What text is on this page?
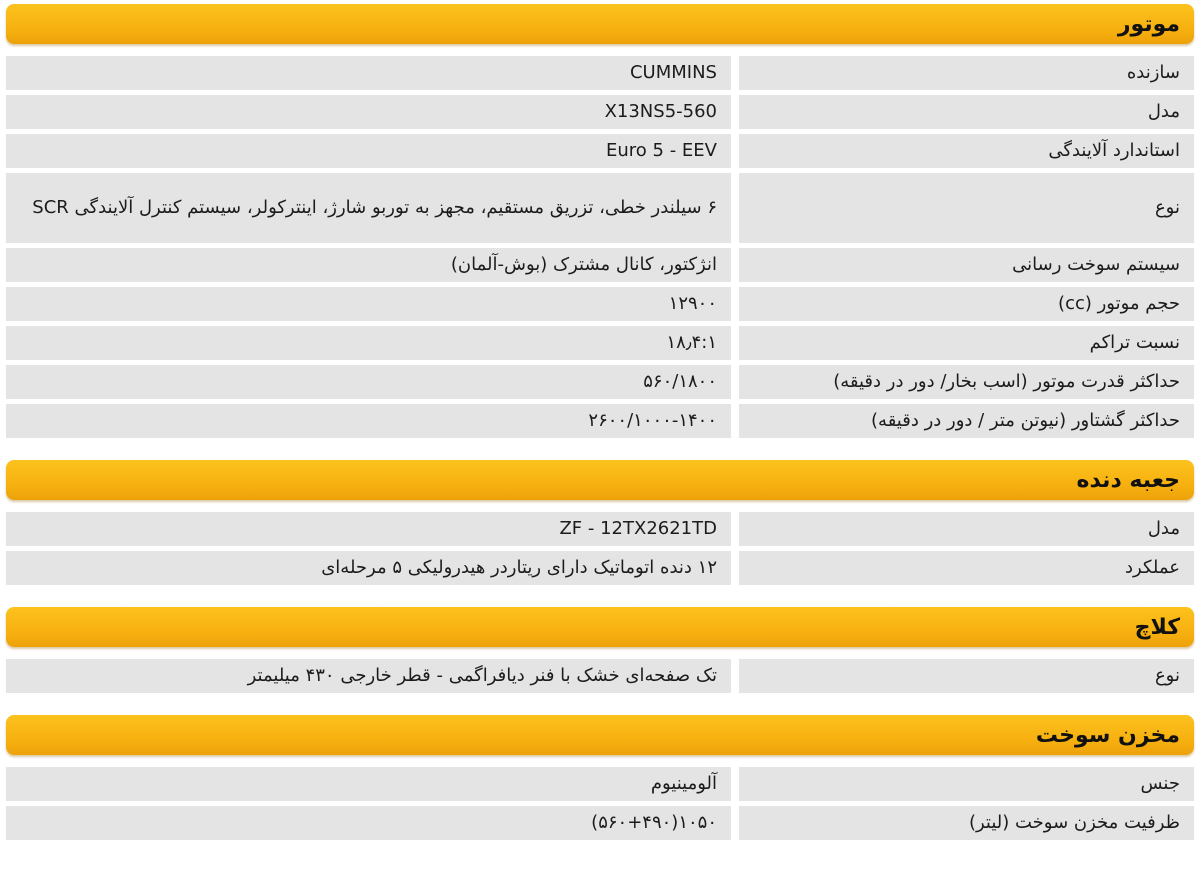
موتور
سازنده
CUMMINS
مدل
X13NS5-560
استاندارد آلایندگی
Euro 5 - EEV
نوع
۶ سیلندر خطی، تزریق مستقیم، مجهز به توربو شارژ، اینترکولر، سیستم کنترل آلایندگی SCR
سیستم سوخت رسانی
انژکتور، کانال مشترک (بوش-آلمان)
حجم موتور (cc)
۱۲۹۰۰
نسبت تراکم
۱۸٫۴:۱
حداکثر قدرت موتور (اسب بخار/ دور در دقیقه)
۵۶۰/۱۸۰۰
حداکثر گشتاور (نیوتن متر / دور در دقیقه)
۲۶۰۰/۱۰۰۰-۱۴۰۰
جعبه دنده
مدل
ZF - 12TX2621TD
عملکرد
۱۲ دنده اتوماتیک دارای ریتاردر هیدرولیکی ۵ مرحله‌ای
کلاچ
نوع
تک صفحه‌ای خشک با فنر دیافراگمی - قطر خارجی ۴۳۰ میلیمتر
مخزن سوخت
جنس
آلومینیوم
ظرفیت مخزن سوخت (لیتر)
۱۰۵۰(۵۶۰+۴۹۰)
